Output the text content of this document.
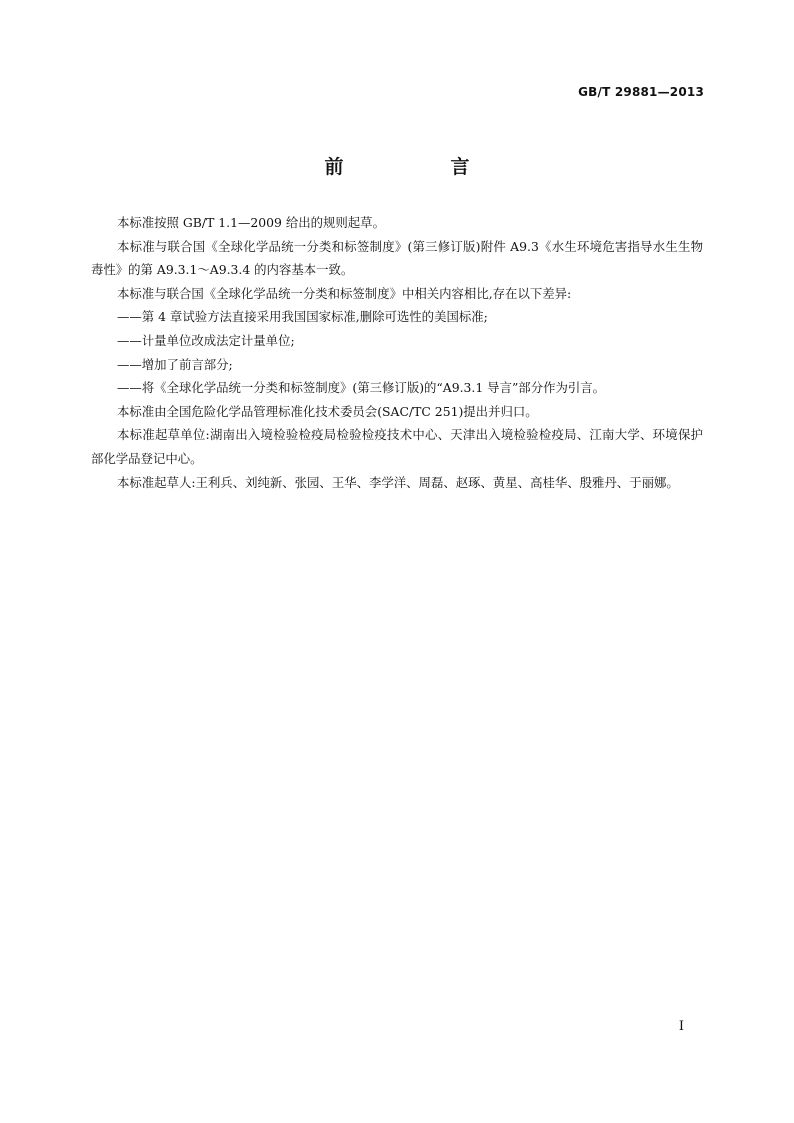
GB/T 29881—2013
前　言

本标准按照 GB/T 1.1—2009 给出的规则起草。

本标准与联合国《全球化学品统一分类和标签制度》(第三修订版)附件 A9.3《水生环境危害指导水生生物毒性》的第 A9.3.1～A9.3.4 的内容基本一致。

本标准与联合国《全球化学品统一分类和标签制度》中相关内容相比,存在以下差异:

——第 4 章试验方法直接采用我国国家标准,删除可选性的美国标准;

——计量单位改成法定计量单位;

——增加了前言部分;

——将《全球化学品统一分类和标签制度》(第三修订版)的“A9.3.1 导言”部分作为引言。

本标准由全国危险化学品管理标准化技术委员会(SAC/TC 251)提出并归口。

本标准起草单位:湖南出入境检验检疫局检验检疫技术中心、天津出入境检验检疫局、江南大学、环境保护部化学品登记中心。

本标准起草人:王利兵、刘纯新、张园、王华、李学洋、周磊、赵琢、黄星、高桂华、殷雅丹、于丽娜。

I
